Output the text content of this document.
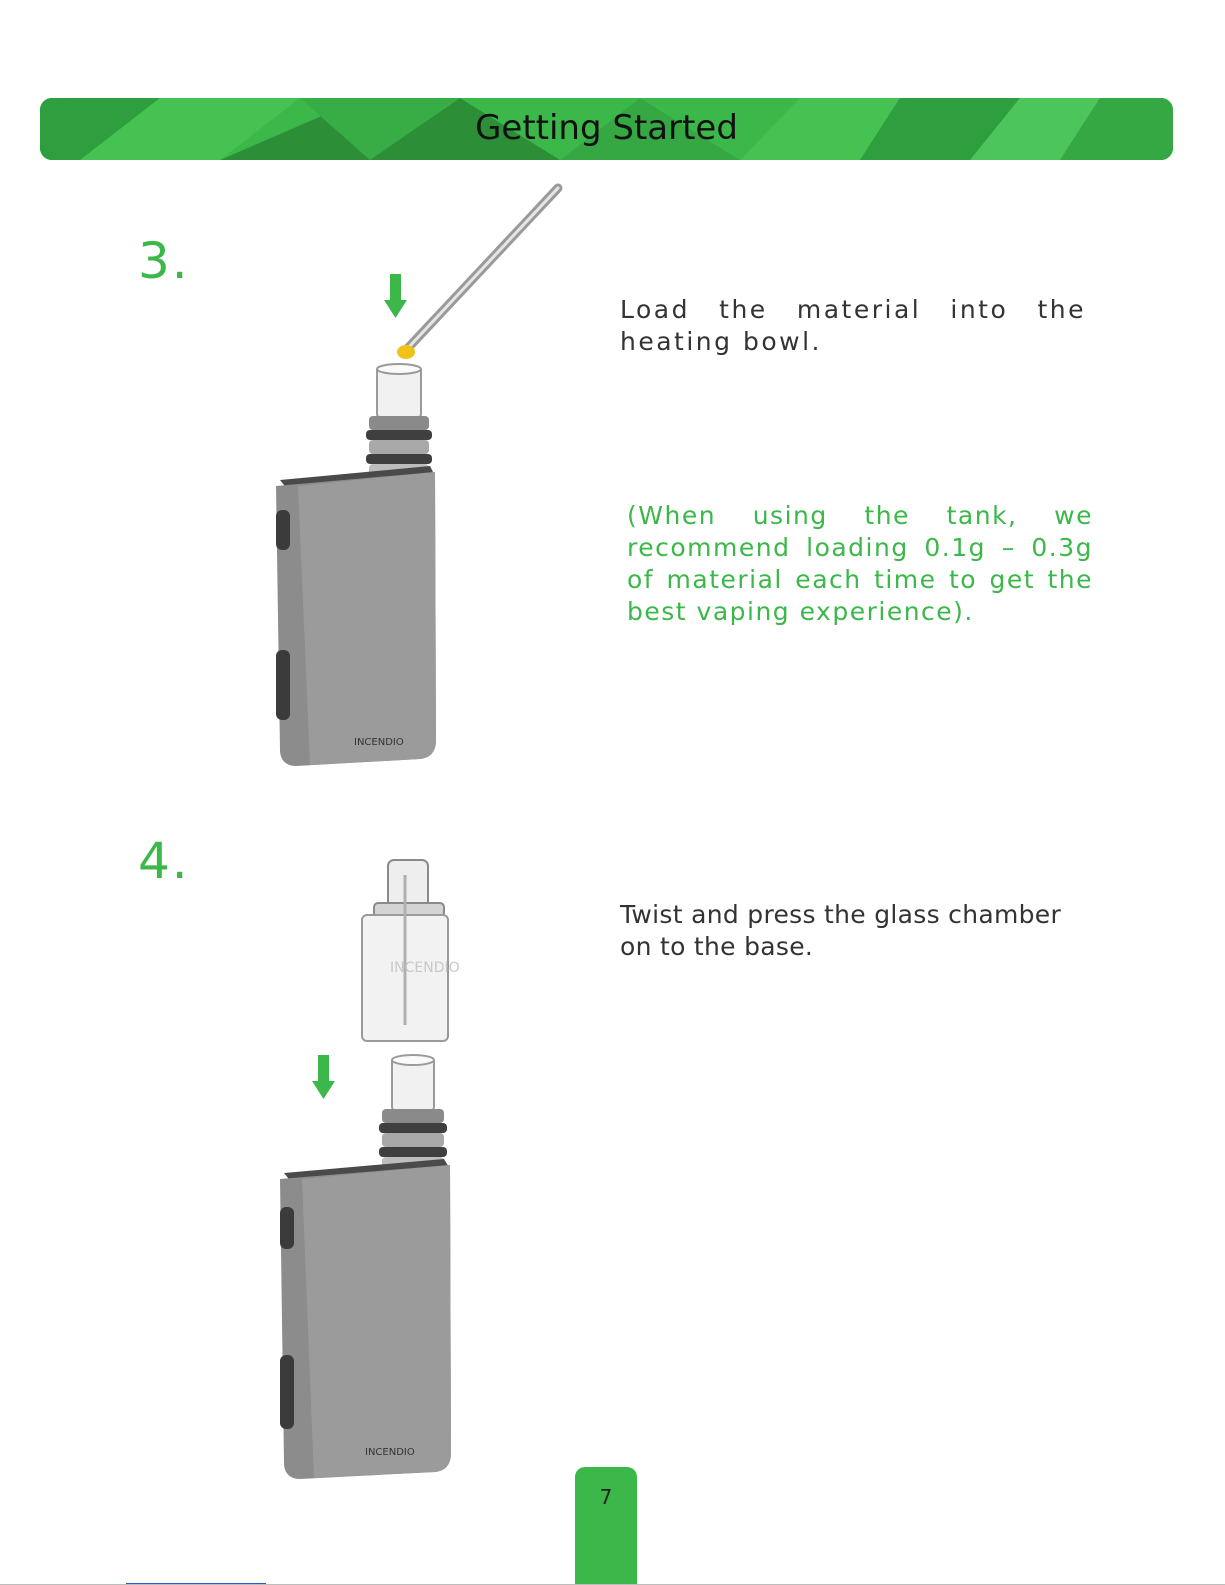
Getting Started
3.
Load the material into the heating bowl.
(When using the tank, we recommend loading 0.1g – 0.3g of material each time to get the best vaping experience).
INCENDIO
4.
Twist and press the glass chamber on to the base.
INCENDIO
INCENDIO
7
